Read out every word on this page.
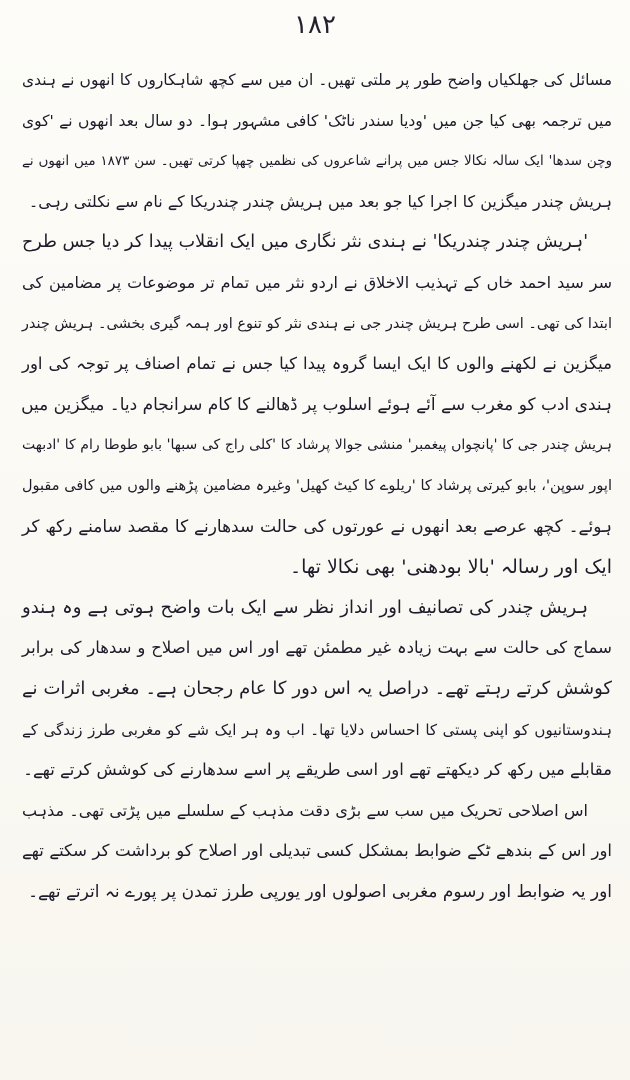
۱۸۲
مسائل کی جھلکیاں واضح طور پر ملتی تھیں۔ ان میں سے کچھ شاہکاروں کا انھوں نے ہندی
میں ترجمہ بھی کیا جن میں 'ودیا سندر ناٹک' کافی مشہور ہوا۔ دو سال بعد انھوں نے 'کوی
وچن سدھا' ایک سالہ نکالا جس میں پرانے شاعروں کی نظمیں چھپا کرتی تھیں۔ سن ۱۸۷۳ میں انھوں نے
ہریش چندر میگزین کا اجرا کیا جو بعد میں ہریش چندر چندریکا کے نام سے نکلتی رہی۔
'ہریش چندر چندریکا' نے ہندی نثر نگاری میں ایک انقلاب پیدا کر دیا جس طرح
سر سید احمد خاں کے تہذیب الاخلاق نے اردو نثر میں تمام تر موضوعات پر مضامین کی
ابتدا کی تھی۔ اسی طرح ہریش چندر جی نے ہندی نثر کو تنوع اور ہمہ گیری بخشی۔ ہریش چندر
میگزین نے لکھنے والوں کا ایک ایسا گروہ پیدا کیا جس نے تمام اصناف پر توجہ کی اور
ہندی ادب کو مغرب سے آئے ہوئے اسلوب پر ڈھالنے کا کام سرانجام دیا۔ میگزین میں
ہریش چندر جی کا 'پانچواں پیغمبر' منشی جوالا پرشاد کا 'کلی راج کی سبھا' بابو طوطا رام کا 'ادبھت
اپور سوپن'، بابو کیرتی پرشاد کا 'ریلوے کا کیٹ کھیل' وغیرہ مضامین پڑھنے والوں میں کافی مقبول
ہوئے۔ کچھ عرصے بعد انھوں نے عورتوں کی حالت سدھارنے کا مقصد سامنے رکھ کر
ایک اور رسالہ 'بالا بودھنی' بھی نکالا تھا۔
ہریش چندر کی تصانیف اور انداز نظر سے ایک بات واضح ہوتی ہے وہ ہندو
سماج کی حالت سے بہت زیادہ غیر مطمئن تھے اور اس میں اصلاح و سدھار کی برابر
کوشش کرتے رہتے تھے۔ دراصل یہ اس دور کا عام رجحان ہے۔ مغربی اثرات نے
ہندوستانیوں کو اپنی پستی کا احساس دلایا تھا۔ اب وہ ہر ایک شے کو مغربی طرز زندگی کے
مقابلے میں رکھ کر دیکھتے تھے اور اسی طریقے پر اسے سدھارنے کی کوشش کرتے تھے۔
اس اصلاحی تحریک میں سب سے بڑی دقت مذہب کے سلسلے میں پڑتی تھی۔ مذہب
اور اس کے بندھے ٹکے ضوابط بمشکل کسی تبدیلی اور اصلاح کو برداشت کر سکتے تھے
اور یہ ضوابط اور رسوم مغربی اصولوں اور یورپی طرز تمدن پر پورے نہ اترتے تھے۔
